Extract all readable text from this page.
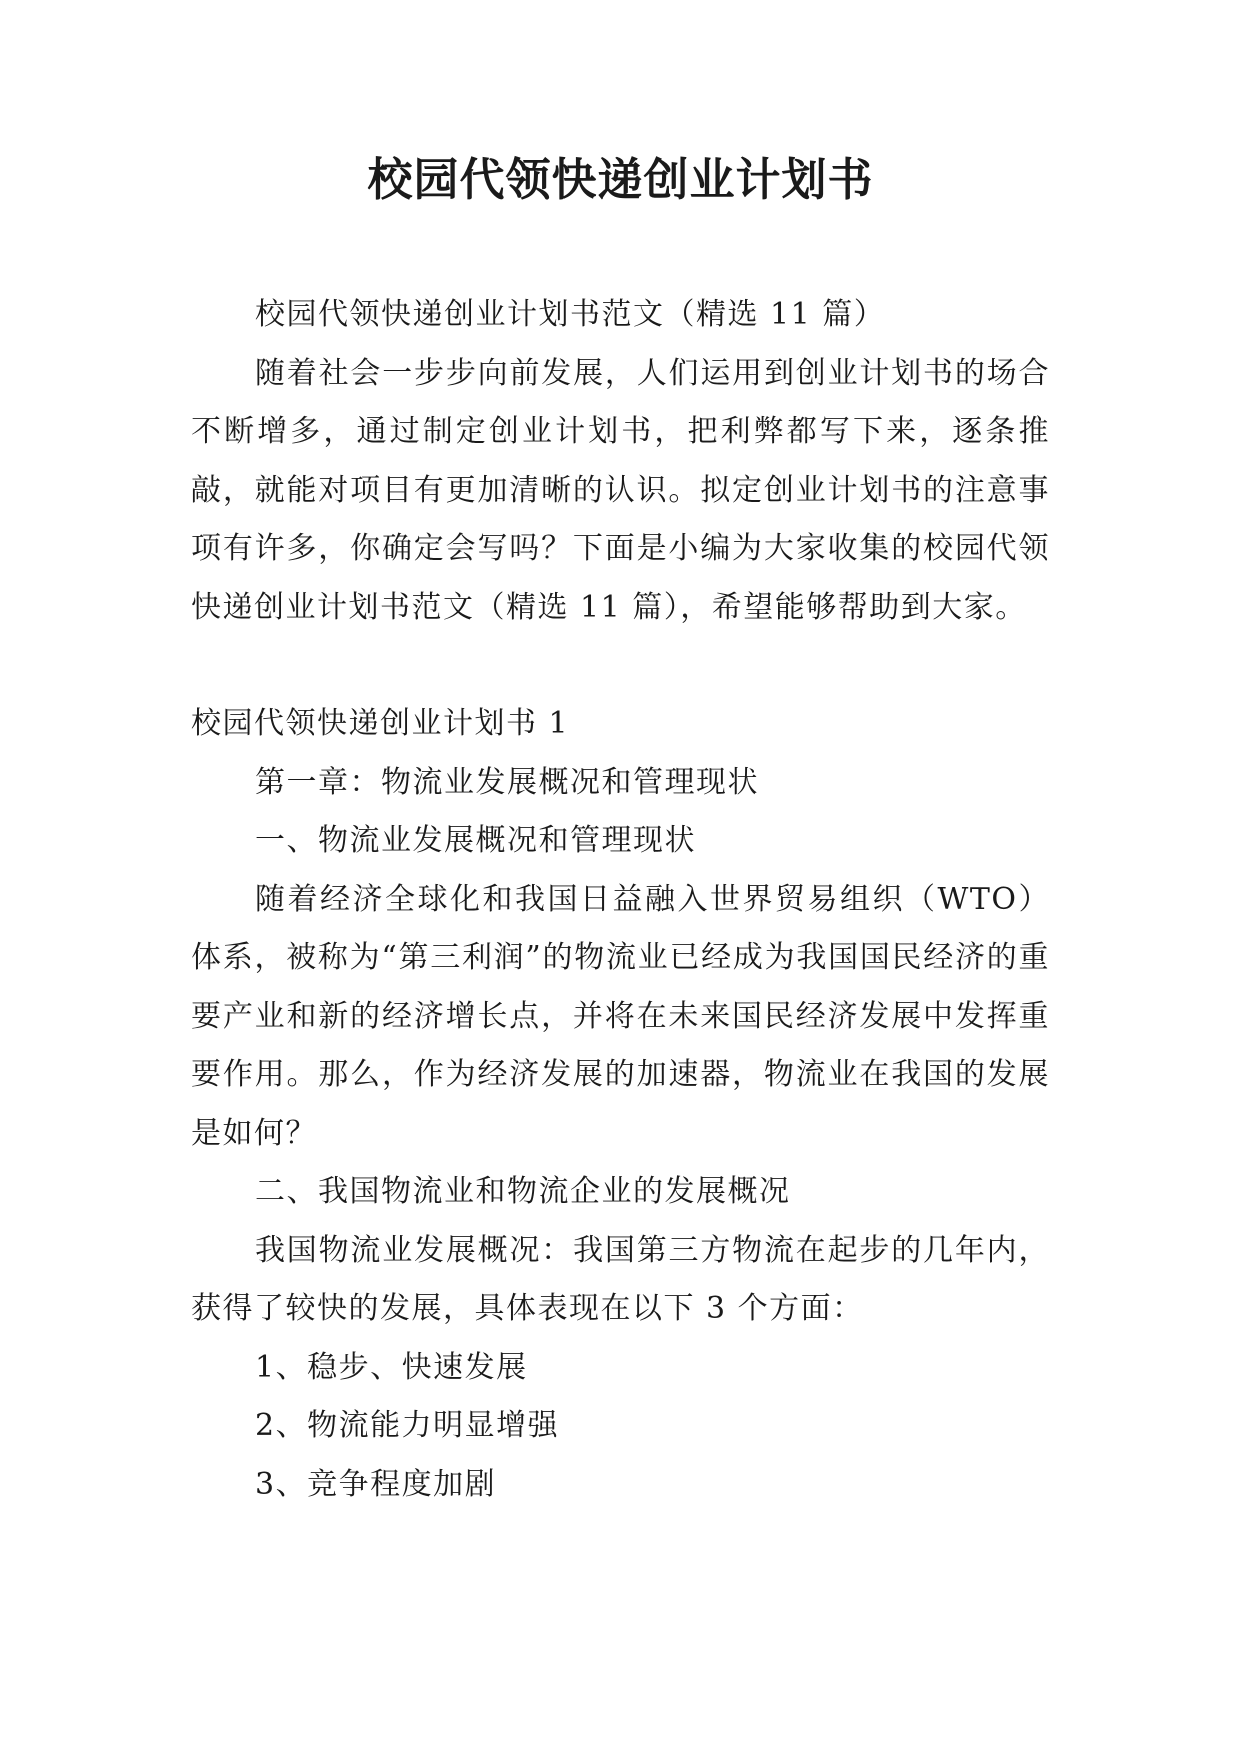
校园代领快递创业计划书

校园代领快递创业计划书范文（精选 11 篇）

随着社会一步步向前发展，人们运用到创业计划书的场合不断增多，通过制定创业计划书，把利弊都写下来，逐条推敲，就能对项目有更加清晰的认识。拟定创业计划书的注意事项有许多，你确定会写吗？下面是小编为大家收集的校园代领快递创业计划书范文（精选 11 篇），希望能够帮助到大家。

校园代领快递创业计划书 1

第一章：物流业发展概况和管理现状

一、物流业发展概况和管理现状

随着经济全球化和我国日益融入世界贸易组织（WTO）体系，被称为“第三利润”的物流业已经成为我国国民经济的重要产业和新的经济增长点，并将在未来国民经济发展中发挥重要作用。那么，作为经济发展的加速器，物流业在我国的发展是如何？

二、我国物流业和物流企业的发展概况

我国物流业发展概况：我国第三方物流在起步的几年内，获得了较快的发展，具体表现在以下 3 个方面：

1、稳步、快速发展

2、物流能力明显增强

3、竞争程度加剧
